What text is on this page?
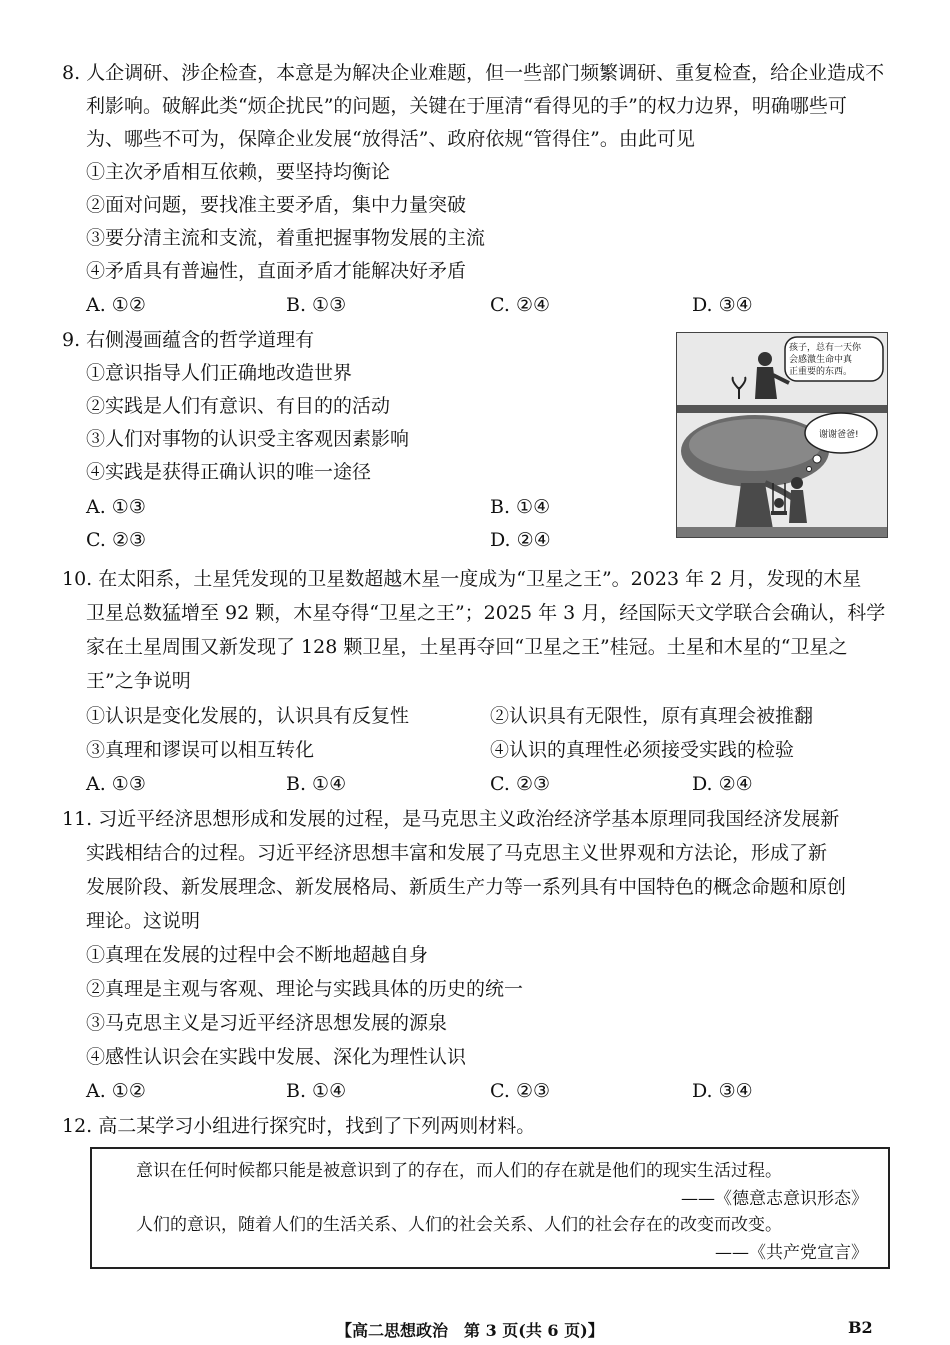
8. 人企调研、涉企检查，本意是为解决企业难题，但一些部门频繁调研、重复检查，给企业造成不
利影响。破解此类“烦企扰民”的问题，关键在于厘清“看得见的手”的权力边界，明确哪些可
为、哪些不可为，保障企业发展“放得活”、政府依规“管得住”。由此可见
①主次矛盾相互依赖，要坚持均衡论
②面对问题，要找准主要矛盾，集中力量突破
③要分清主流和支流，着重把握事物发展的主流
④矛盾具有普遍性，直面矛盾才能解决好矛盾
A. ①②	B. ①③	C. ②④	D. ③④
9. 右侧漫画蕴含的哲学道理有
①意识指导人们正确地改造世界
②实践是人们有意识、有目的的活动
③人们对事物的认识受主客观因素影响
④实践是获得正确认识的唯一途径
A. ①③	B. ①④
C. ②③	D. ②④
孩子，总有一天你
会感激生命中真
正重要的东西。
谢谢爸爸!
10. 在太阳系，土星凭发现的卫星数超越木星一度成为“卫星之王”。2023 年 2 月，发现的木星
卫星总数猛增至 92 颗，木星夺得“卫星之王”；2025 年 3 月，经国际天文学联合会确认，科学
家在土星周围又新发现了 128 颗卫星，土星再夺回“卫星之王”桂冠。土星和木星的“卫星之
王”之争说明
①认识是变化发展的，认识具有反复性	②认识具有无限性，原有真理会被推翻
③真理和谬误可以相互转化	④认识的真理性必须接受实践的检验
A. ①③	B. ①④	C. ②③	D. ②④
11. 习近平经济思想形成和发展的过程，是马克思主义政治经济学基本原理同我国经济发展新
实践相结合的过程。习近平经济思想丰富和发展了马克思主义世界观和方法论，形成了新
发展阶段、新发展理念、新发展格局、新质生产力等一系列具有中国特色的概念命题和原创
理论。这说明
①真理在发展的过程中会不断地超越自身
②真理是主观与客观、理论与实践具体的历史的统一
③马克思主义是习近平经济思想发展的源泉
④感性认识会在实践中发展、深化为理性认识
A. ①②	B. ①④	C. ②③	D. ③④
12. 高二某学习小组进行探究时，找到了下列两则材料。
意识在任何时候都只能是被意识到了的存在，而人们的存在就是他们的现实生活过程。
——《德意志意识形态》
人们的意识，随着人们的生活关系、人们的社会关系、人们的社会存在的改变而改变。
——《共产党宣言》
【高二思想政治　第 3 页(共 6 页)】	B2
